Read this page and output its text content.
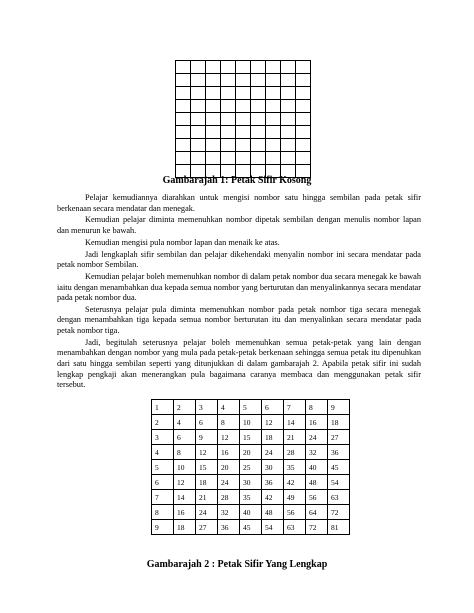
Gambarajah 1: Petak Sifir Kosong

Pelajar kemudiannya diarahkan untuk mengisi nombor satu hingga sembilan pada petak sifir berkenaan secara mendatar dan menegak.

Kemudian pelajar diminta memenuhkan nombor dipetak sembilan dengan menulis nombor lapan dan menurun ke bawah.

Kemudian mengisi pula nombor lapan dan menaik ke atas.

Jadi lengkaplah sifir sembilan dan pelajar dikehendaki menyalin nombor ini secara mendatar pada petak nombor Sembilan.

Kemudian pelajar boleh memenuhkan nombor di dalam petak nombor dua secara menegak ke bawah iaitu dengan menambahkan dua kepada semua nombor yang berturutan dan menyalinkannya secara mendatar pada petak nombor dua.

Seterusnya pelajar pula diminta memenuhkan nombor pada petak nombor tiga secara menegak dengan menambahkan tiga kepada semua nombor berturutan itu dan menyalinkan secara mendatar pada petak nombor tiga.

Jadi, begitulah seterusnya pelajar boleh memenuhkan semua petak-petak yang lain dengan menambahkan dengan nombor yang mula pada petak-petak berkenaan sehingga semua petak itu dipenuhkan dari satu hingga sembilan seperti yang ditunjukkan di dalam gambarajah 2. Apabila petak sifir ini sudah lengkap pengkaji akan menerangkan pula bagaimana caranya membaca dan menggunakan petak sifir tersebut.

1	2	3	4	5	6	7	8	9
2	4	6	8	10	12	14	16	18
3	6	9	12	15	18	21	24	27
4	8	12	16	20	24	28	32	36
5	10	15	20	25	30	35	40	45
6	12	18	24	30	36	42	48	54
7	14	21	28	35	42	49	56	63
8	16	24	32	40	48	56	64	72
9	18	27	36	45	54	63	72	81
Gambarajah 2 : Petak Sifir Yang Lengkap
